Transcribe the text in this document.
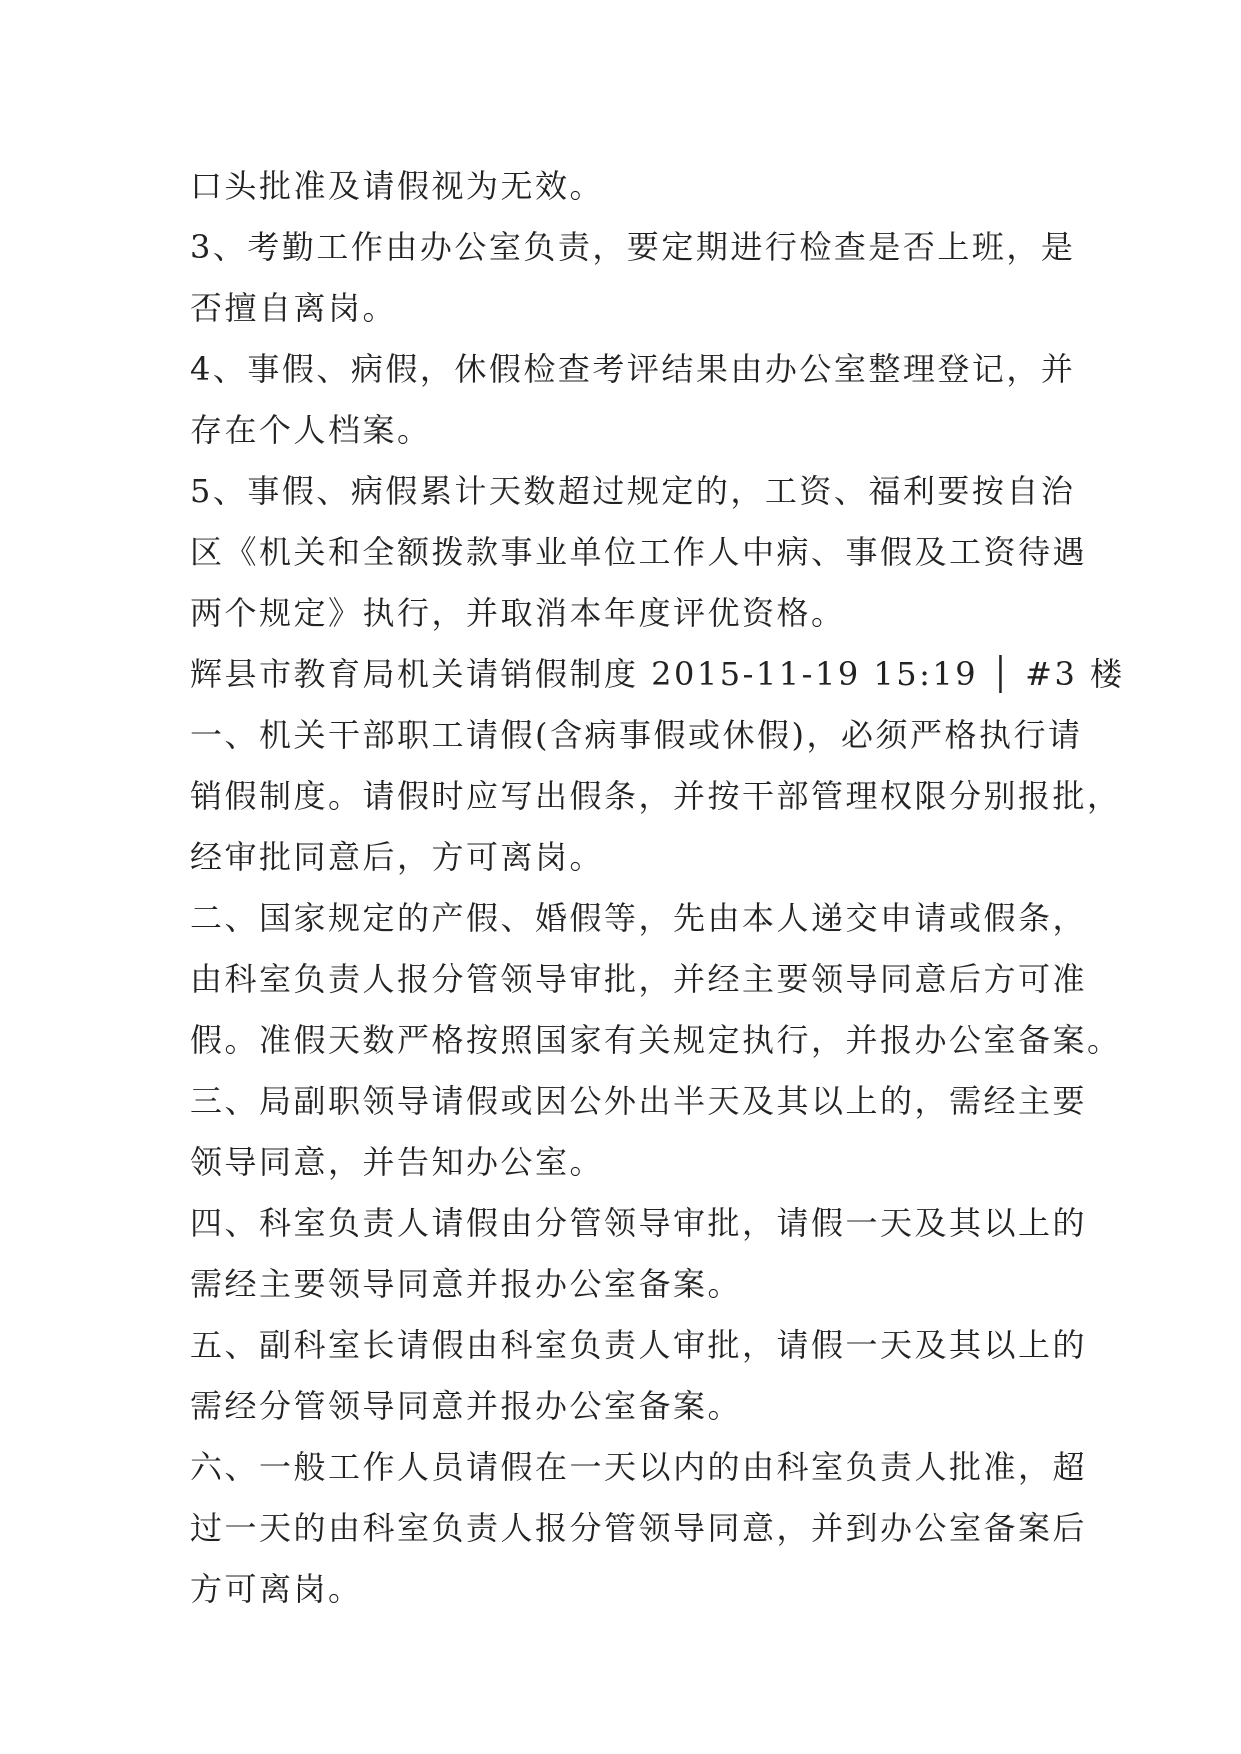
口头批准及请假视为无效。
3、考勤工作由办公室负责，要定期进行检查是否上班，是
否擅自离岗。
4、事假、病假，休假检查考评结果由办公室整理登记，并
存在个人档案。
5、事假、病假累计天数超过规定的，工资、福利要按自治
区《机关和全额拨款事业单位工作人中病、事假及工资待遇
两个规定》执行，并取消本年度评优资格。
辉县市教育局机关请销假制度 2015-11-19 15:19 │ #3 楼
一、机关干部职工请假(含病事假或休假)，必须严格执行请
销假制度。请假时应写出假条，并按干部管理权限分别报批，
经审批同意后，方可离岗。
二、国家规定的产假、婚假等，先由本人递交申请或假条，
由科室负责人报分管领导审批，并经主要领导同意后方可准
假。准假天数严格按照国家有关规定执行，并报办公室备案。
三、局副职领导请假或因公外出半天及其以上的，需经主要
领导同意，并告知办公室。
四、科室负责人请假由分管领导审批，请假一天及其以上的
需经主要领导同意并报办公室备案。
五、副科室长请假由科室负责人审批，请假一天及其以上的
需经分管领导同意并报办公室备案。
六、一般工作人员请假在一天以内的由科室负责人批准，超
过一天的由科室负责人报分管领导同意，并到办公室备案后
方可离岗。
